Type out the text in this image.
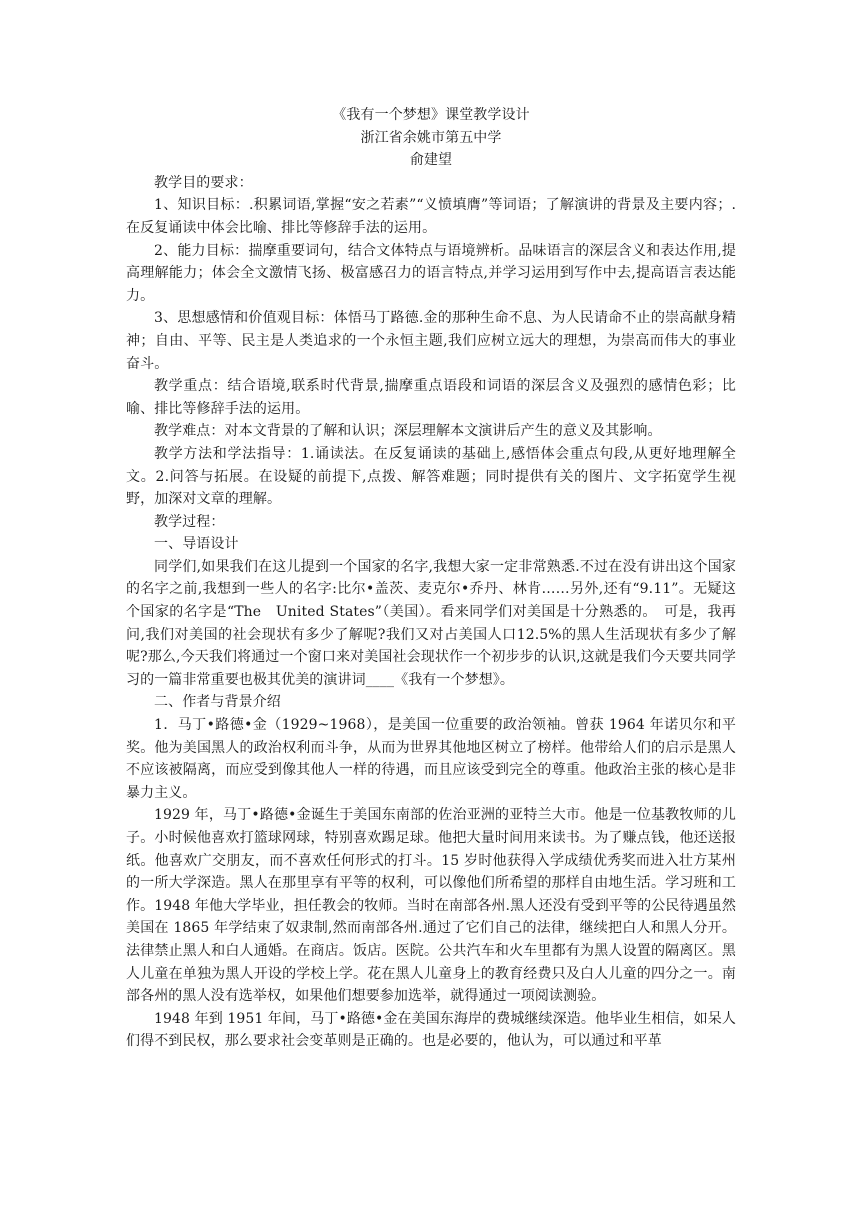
《我有一个梦想》课堂教学设计

浙江省余姚市第五中学

俞建望

教学目的要求：

1、知识目标：.积累词语,掌握“安之若素”“义愤填膺”等词语；了解演讲的背景及主要内容；.在反复诵读中体会比喻、排比等修辞手法的运用。

2、能力目标：揣摩重要词句，结合文体特点与语境辨析。品味语言的深层含义和表达作用,提高理解能力；体会全文激情飞扬、极富感召力的语言特点,并学习运用到写作中去,提高语言表达能力。

3、思想感情和价值观目标：体悟马丁路德.金的那种生命不息、为人民请命不止的崇高献身精神；自由、平等、民主是人类追求的一个永恒主题,我们应树立远大的理想，为崇高而伟大的事业奋斗。

教学重点：结合语境,联系时代背景,揣摩重点语段和词语的深层含义及强烈的感情色彩；比喻、排比等修辞手法的运用。

教学难点：对本文背景的了解和认识；深层理解本文演讲后产生的意义及其影响。

教学方法和学法指导：1.诵读法。在反复诵读的基础上,感悟体会重点句段,从更好地理解全文。2.问答与拓展。在设疑的前提下,点拨、解答难题；同时提供有关的图片、文字拓宽学生视野，加深对文章的理解。

教学过程：

一、导语设计

同学们,如果我们在这儿提到一个国家的名字,我想大家一定非常熟悉.不过在没有讲出这个国家的名字之前,我想到一些人的名字:比尔•盖茨、麦克尔•乔丹、林肯……另外,还有“9.11”。无疑这个国家的名字是“The　United States”（美国）。看来同学们对美国是十分熟悉的。　可是，我再问,我们对美国的社会现状有多少了解呢?我们又对占美国人口12.5%的黑人生活现状有多少了解呢?那么,今天我们将通过一个窗口来对美国社会现状作一个初步步的认识,这就是我们今天要共同学习的一篇非常重要也极其优美的演讲词____《我有一个梦想》。

二、作者与背景介绍

1．马丁•路德•金（1929~1968），是美国一位重要的政治领袖。曾获 1964 年诺贝尔和平奖。他为美国黑人的政治权利而斗争，从而为世界其他地区树立了榜样。他带给人们的启示是黑人不应该被隔离，而应受到像其他人一样的待遇，而且应该受到完全的尊重。他政治主张的核心是非暴力主义。

1929 年，马丁•路德•金诞生于美国东南部的佐治亚洲的亚特兰大市。他是一位基教牧师的儿子。小时候他喜欢打篮球网球，特别喜欢踢足球。他把大量时间用来读书。为了赚点钱，他还送报纸。他喜欢广交朋友，而不喜欢任何形式的打斗。15 岁时他获得入学成绩优秀奖而进入壮方某州的一所大学深造。黑人在那里享有平等的权利，可以像他们所希望的那样自由地生活。学习班和工作。1948 年他大学毕业，担任教会的牧师。当时在南部各州.黑人还没有受到平等的公民待遇虽然美国在 1865 年学结束了奴隶制,然而南部各州.通过了它们自己的法律，继续把白人和黑人分开。法律禁止黑人和白人通婚。在商店。饭店。医院。公共汽车和火车里都有为黑人设置的隔离区。黑人儿童在单独为黑人开设的学校上学。花在黑人儿童身上的教育经费只及白人儿童的四分之一。南部各州的黑人没有选举权，如果他们想要参加选举，就得通过一项阅读测验。

1948 年到 1951 年间，马丁•路德•金在美国东海岸的费城继续深造。他毕业生相信，如呆人们得不到民权，那么要求社会变革则是正确的。也是必要的，他认为，可以通过和平革
